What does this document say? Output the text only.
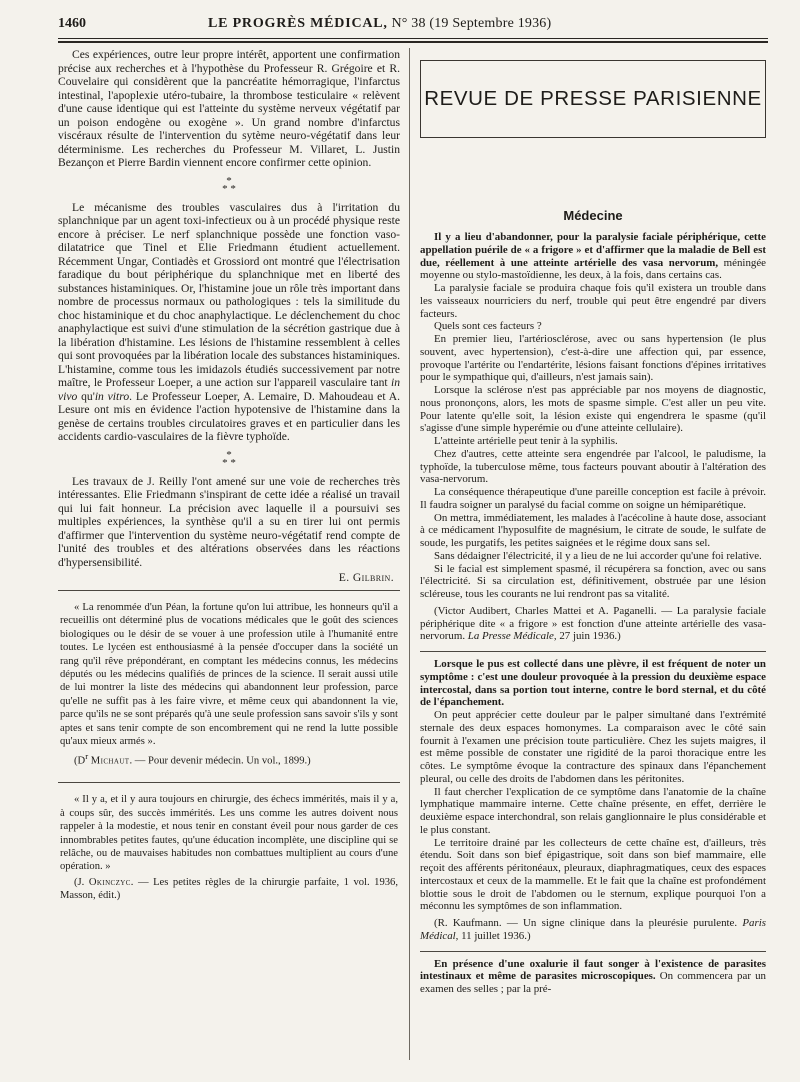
1460	LE PROGRÈS MÉDICAL, N° 38 (19 Septembre 1936)

Ces expériences, outre leur propre intérêt, apportent une confirmation précise aux recherches et à l'hypothèse du Professeur R. Grégoire et R. Couvelaire qui considèrent que la pancréatite hémorragique, l'infarctus intestinal, l'apoplexie utéro-tubaire, la thrombose testiculaire « relèvent d'une cause identique qui est l'atteinte du système nerveux végétatif par un poison endogène ou exogène ». Un grand nombre d'infarctus viscéraux résulte de l'intervention du sytème neuro-végétatif dans leur déterminisme. Les recherches du Professeur M. Villaret, L. Justin Bezançon et Pierre Bardin viennent encore confirmer cette opinion.

*
* *

Le mécanisme des troubles vasculaires dus à l'irritation du splanchnique par un agent toxi-infectieux ou à un procédé physique reste encore à préciser. Le nerf splanchnique possède une fonction vaso-dilatatrice que Tinel et Elie Friedmann étudient actuellement. Récemment Ungar, Contiadès et Grossiord ont montré que l'électrisation faradique du bout périphérique du splanchnique met en liberté des substances histaminiques. Or, l'histamine joue un rôle très important dans nombre de processus normaux ou pathologiques : tels la similitude du choc histaminique et du choc anaphylactique. Le déclenchement du choc anaphylactique est suivi d'une stimulation de la sécrétion gastrique due à la libération d'histamine. Les lésions de l'histamine ressemblent à celles qui sont provoquées par la libération locale des substances histaminiques. L'histamine, comme tous les imidazols étudiés successivement par notre maître, le Professeur Loeper, a une action sur l'appareil vasculaire tant in vivo qu'in vitro. Le Professeur Loeper, A. Lemaire, D. Mahoudeau et A. Lesure ont mis en évidence l'action hypotensive de l'histamine dans la genèse de certains troubles circulatoires graves et en particulier dans les accidents cardio-vasculaires de la fièvre typhoïde.

*
* *

Les travaux de J. Reilly l'ont amené sur une voie de recherches très intéressantes. Elie Friedmann s'inspirant de cette idée a réalisé un travail qui lui fait honneur. La précision avec laquelle il a poursuivi ses multiples expériences, la synthèse qu'il a su en tirer lui ont permis d'affirmer que l'intervention du système neuro-végétatif rend compte de l'unité des troubles et des altérations observées dans les réactions d'hypersensibilité.

E. Gilbrin.

« La renommée d'un Péan, la fortune qu'on lui attribue, les honneurs qu'il a recueillis ont déterminé plus de vocations médicales que le goût des sciences biologiques ou le désir de se vouer à une profession utile à l'humanité entre toutes. Le lycéen est enthousiasmé à la pensée d'occuper dans la société un rang qu'il rêve prépondérant, en comptant les médecins connus, les médecins députés ou les médecins qualifiés de princes de la science. Il serait aussi utile de lui montrer la liste des médecins qui abandonnent leur profession, parce qu'elle ne suffit pas à les faire vivre, et même ceux qui abandonnent la vie, parce qu'ils ne se sont préparés qu'à une seule profession sans savoir s'ils y sont aptes et sans tenir compte de son encombrement qui ne rend la lutte possible qu'aux mieux armés ».

($D^r$ Michaut. — Pour devenir médecin. Un vol., 1899.)

« Il y a, et il y aura toujours en chirurgie, des échecs immérités, mais il y a, à coups sûr, des succès immérités. Les uns comme les autres doivent nous rappeler à la modestie, et nous tenir en constant éveil pour nous garder de ces innombrables petites fautes, qu'une éducation incomplète, une discipline qui se relâche, ou de mauvaises habitudes non combattues multiplient au cours d'une opération. »

(J. Okinczyc. — Les petites règles de la chirurgie parfaite, 1 vol. 1936, Masson, édit.)

REVUE DE PRESSE PARISIENNE
Médecine

Il y a lieu d'abandonner, pour la paralysie faciale périphérique, cette appellation puérile de « a frigore » et d'affirmer que la maladie de Bell est due, réellement à une atteinte artérielle des vasa nervorum, méningée moyenne ou stylo-mastoïdienne, les deux, à la fois, dans certains cas.

La paralysie faciale se produira chaque fois qu'il existera un trouble dans les vaisseaux nourriciers du nerf, trouble qui peut être engendré par divers facteurs.

Quels sont ces facteurs ?

En premier lieu, l'artériosclérose, avec ou sans hypertension (le plus souvent, avec hypertension), c'est-à-dire une affection qui, par essence, provoque l'artérite ou l'endartérite, lésions faisant fonctions d'épines irritatives pour le sympathique qui, d'ailleurs, n'est jamais sain).

Lorsque la sclérose n'est pas appréciable par nos moyens de diagnostic, nous prononçons, alors, les mots de spasme simple. C'est aller un peu vite. Pour latente qu'elle soit, la lésion existe qui engendrera le spasme (qu'il s'agisse d'une simple hyperémie ou d'une atteinte cellulaire).

L'atteinte artérielle peut tenir à la syphilis.

Chez d'autres, cette atteinte sera engendrée par l'alcool, le paludisme, la typhoïde, la tuberculose même, tous facteurs pouvant aboutir à l'altération des vasa-nervorum.

La conséquence thérapeutique d'une pareille conception est facile à prévoir. Il faudra soigner un paralysé du facial comme on soigne un hémiparétique.

On mettra, immédiatement, les malades à l'acécoline à haute dose, associant à ce médicament l'hyposulfite de magnésium, le citrate de soude, le sulfate de soude, les purgatifs, les petites saignées et le régime doux sans sel.

Sans dédaigner l'électricité, il y a lieu de ne lui accorder qu'une foi relative.

Si le facial est simplement spasmé, il récupérera sa fonction, avec ou sans l'électricité. Si sa circulation est, définitivement, obstruée par une lésion scléreuse, tous les courants ne lui rendront pas sa vitalité.

(Victor Audibert, Charles Mattei et A. Paganelli. — La paralysie faciale périphérique dite « a frigore » est fonction d'une atteinte artérielle des vasa-nervorum. La Presse Médicale, 27 juin 1936.)

Lorsque le pus est collecté dans une plèvre, il est fréquent de noter un symptôme : c'est une douleur provoquée à la pression du deuxième espace intercostal, dans sa portion tout interne, contre le bord sternal, et du côté de l'épanchement.

On peut apprécier cette douleur par le palper simultané dans l'extrémité sternale des deux espaces homonymes. La comparaison avec le côté sain fournit à l'examen une précision toute particulière. Chez les sujets maigres, il est même possible de constater une rigidité de la paroi thoracique entre les côtes. Le symptôme évoque la contracture des spinaux dans l'épanchement pleural, ou celle des droits de l'abdomen dans les péritonites.

Il faut chercher l'explication de ce symptôme dans l'anatomie de la chaîne lymphatique mammaire interne. Cette chaîne présente, en effet, derrière le deuxième espace interchondral, son relais ganglionnaire le plus considérable et le plus constant.

Le territoire drainé par les collecteurs de cette chaîne est, d'ailleurs, très étendu. Soit dans son bief épigastrique, soit dans son bief mammaire, elle reçoit des afférents péritonéaux, pleuraux, diaphragmatiques, ceux des espaces intercostaux et ceux de la mammelle. Et le fait que la chaîne est profondément blottie sous le droit de l'abdomen ou le sternum, explique pourquoi l'on a méconnu les symptômes de son inflammation.

(R. Kaufmann. — Un signe clinique dans la pleurésie purulente. Paris Médical, 11 juillet 1936.)

En présence d'une oxalurie il faut songer à l'existence de parasites intestinaux et même de parasites microscopiques. On commencera par un examen des selles ; par la pré-
